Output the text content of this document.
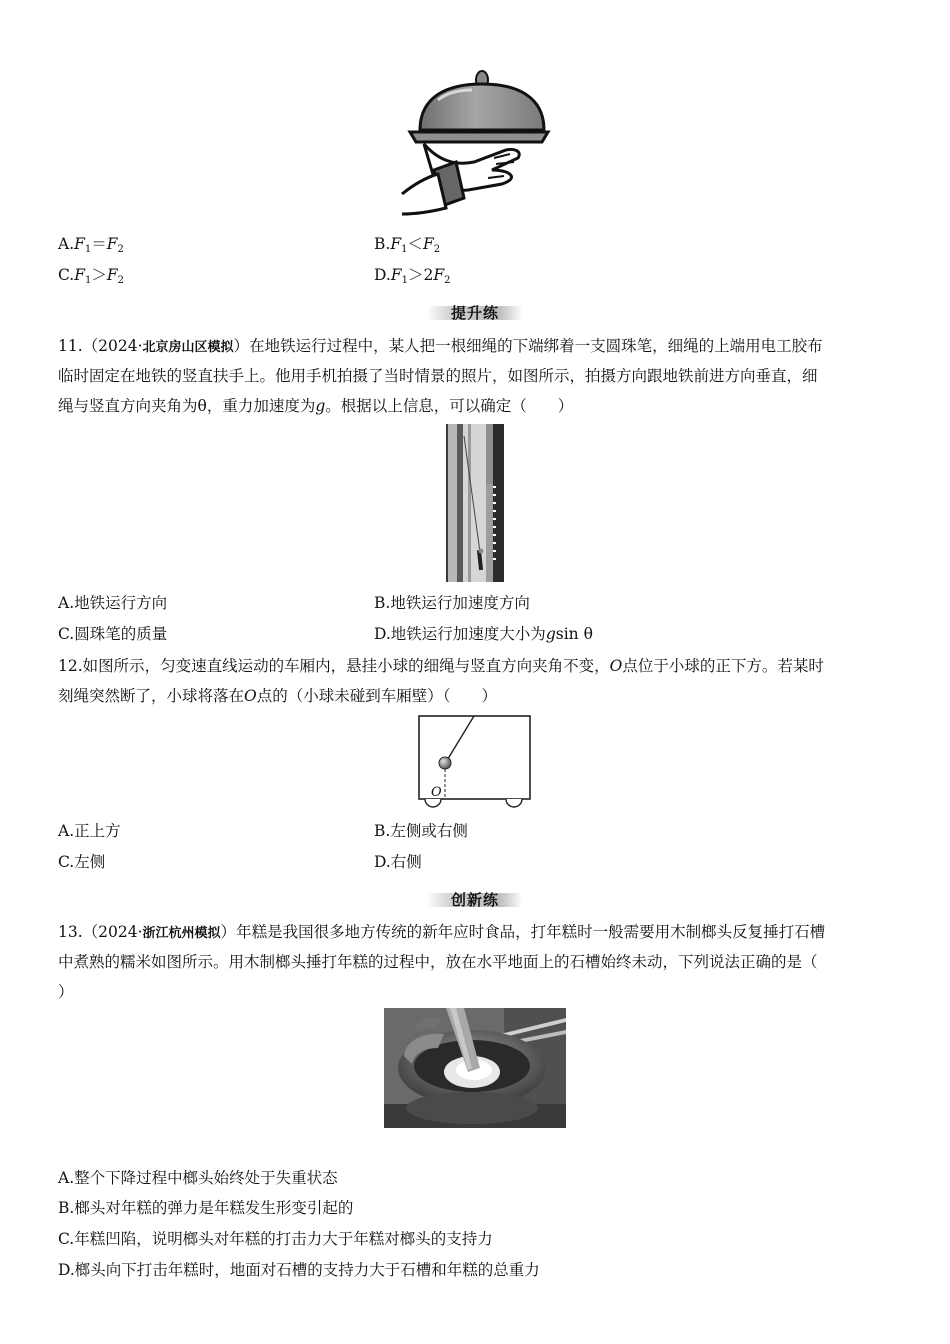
$A.F_1=F_2$	$B.F_1<F_2$
$C.F_1>F_2$	$D.F_1>2F_2$
提升练
11.（2024·北京房山区模拟）在地铁运行过程中，某人把一根细绳的下端绑着一支圆珠笔，细绳的上端用电工胶布
临时固定在地铁的竖直扶手上。他用手机拍摄了当时情景的照片，如图所示，拍摄方向跟地铁前进方向垂直，细
绳与竖直方向夹角为θ，重力加速度为g。根据以上信息，可以确定（　　）
A.地铁运行方向	B.地铁运行加速度方向
C.圆珠笔的质量	D.地铁运行加速度大小为gsin θ
12.如图所示，匀变速直线运动的车厢内，悬挂小球的细绳与竖直方向夹角不变，O点位于小球的正下方。若某时
刻绳突然断了，小球将落在O点的（小球未碰到车厢壁）（　　）
O
A.正上方	B.左侧或右侧
C.左侧	D.右侧
创新练
13.（2024·浙江杭州模拟）年糕是我国很多地方传统的新年应时食品，打年糕时一般需要用木制榔头反复捶打石槽
中煮熟的糯米如图所示。用木制榔头捶打年糕的过程中，放在水平地面上的石槽始终未动，下列说法正确的是（
）
A.整个下降过程中榔头始终处于失重状态
B.榔头对年糕的弹力是年糕发生形变引起的
C.年糕凹陷，说明榔头对年糕的打击力大于年糕对榔头的支持力
D.榔头向下打击年糕时，地面对石槽的支持力大于石槽和年糕的总重力
